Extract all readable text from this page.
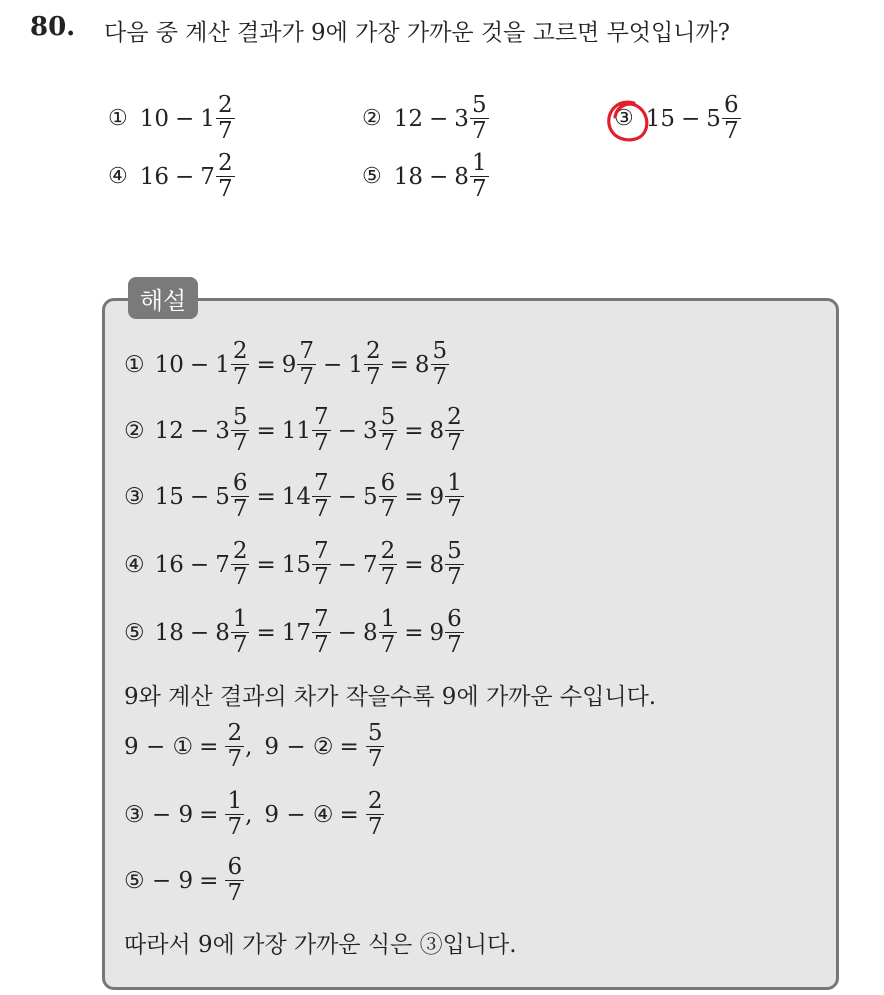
80. 다음 중 계산 결과가 9에 가장 가까운 것을 고르면 무엇입니까?
① $10 - 1 \frac{2}{7}$	② $12 - 3 \frac{5}{7}$	③ $15 - 5 \frac{6}{7}$
④ $16 - 7 \frac{2}{7}$	⑤ $18 - 8 \frac{1}{7}$
해설
① $10 - 1 \frac{2}{7} = 9 \frac{7}{7} - 1 \frac{2}{7} = 8 \frac{5}{7}$
② $12 - 3 \frac{5}{7} = 11 \frac{7}{7} - 3 \frac{5}{7} = 8 \frac{2}{7}$
③ $15 - 5 \frac{6}{7} = 14 \frac{7}{7} - 5 \frac{6}{7} = 9 \frac{1}{7}$
④ $16 - 7 \frac{2}{7} = 15 \frac{7}{7} - 7 \frac{2}{7} = 8 \frac{5}{7}$
⑤ $18 - 8 \frac{1}{7} = 17 \frac{7}{7} - 8 \frac{1}{7} = 9 \frac{6}{7}$
9와 계산 결과의 차가 작을수록 9에 가까운 수입니다.
9 − ① = $\frac{2}{7}$ , 9 − ② = $\frac{5}{7}$
③ − $9 = \frac{1}{7}$ , 9 − ④ = $\frac{2}{7}$
⑤ − $9 = \frac{6}{7}$
따라서 9에 가장 가까운 식은 ③입니다.
